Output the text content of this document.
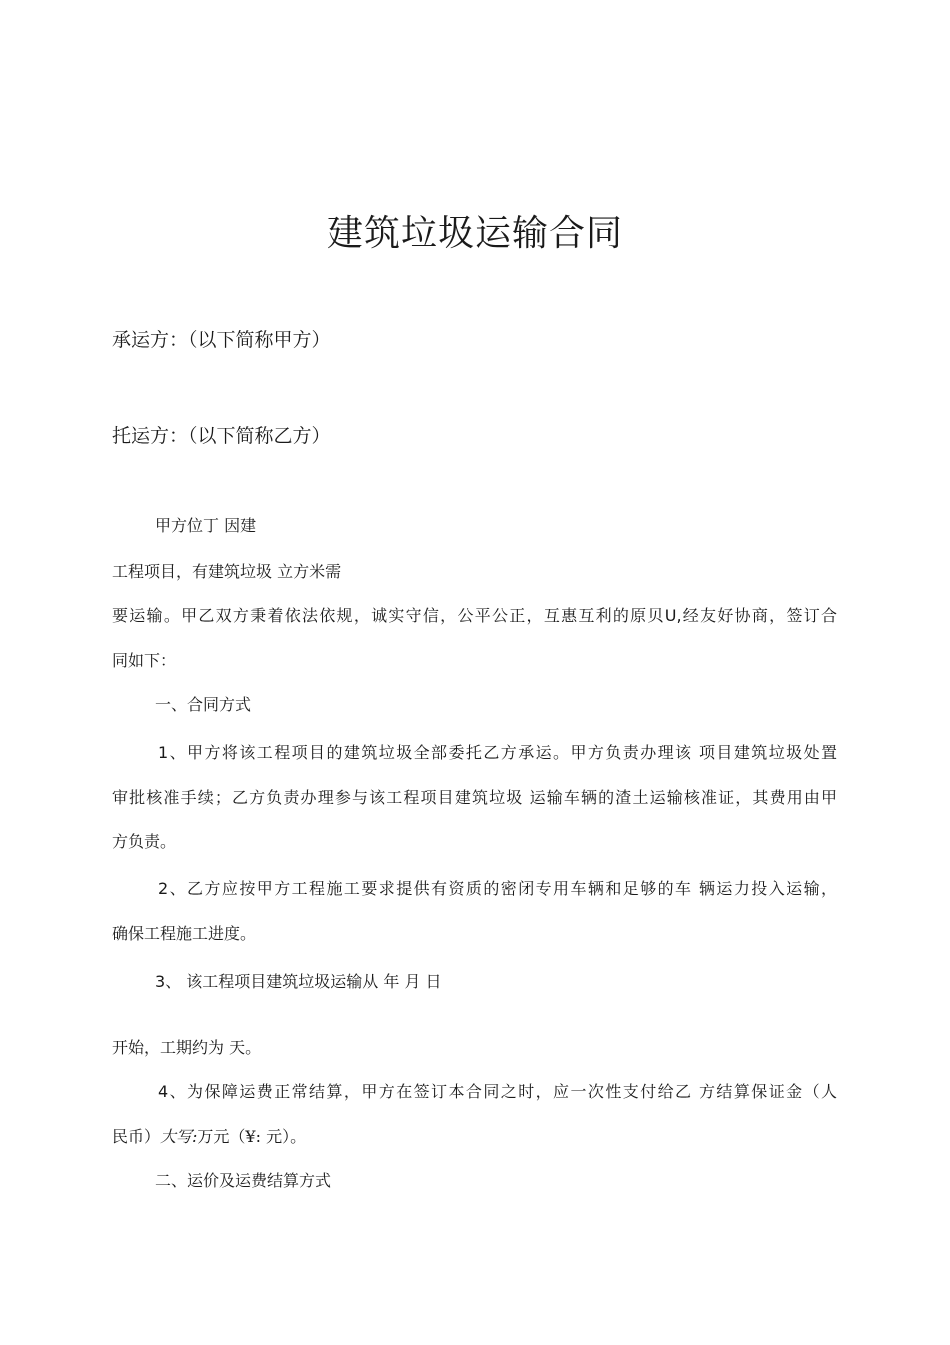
建筑垃圾运输合同
承运方：（以下简称甲方）
托运方：（以下简称乙方）
甲方位丁 因建
工程项目，有建筑垃圾 立方米需
要运输。甲乙双方秉着依法依规，诚实守信，公平公正，互惠互利的原贝U,经友好协商，签订合
同如下：
一、合同方式
1、甲方将该工程项目的建筑垃圾全部委托乙方承运。甲方负责办理该 项目建筑垃圾处置
审批核准手续；乙方负责办理参与该工程项目建筑垃圾 运输车辆的渣土运输核准证，其费用由甲
方负责。
2、乙方应按甲方工程施工要求提供有资质的密闭专用车辆和足够的车 辆运力投入运输，
确保工程施工进度。
3、 该工程项目建筑垃圾运输从 年 月 日
开始，工期约为 天。
4、为保障运费正常结算，甲方在签订本合同之时，应一次性支付给乙 方结算保证金（人
民币）大写:万元（¥: 元）。
二、运价及运费结算方式
